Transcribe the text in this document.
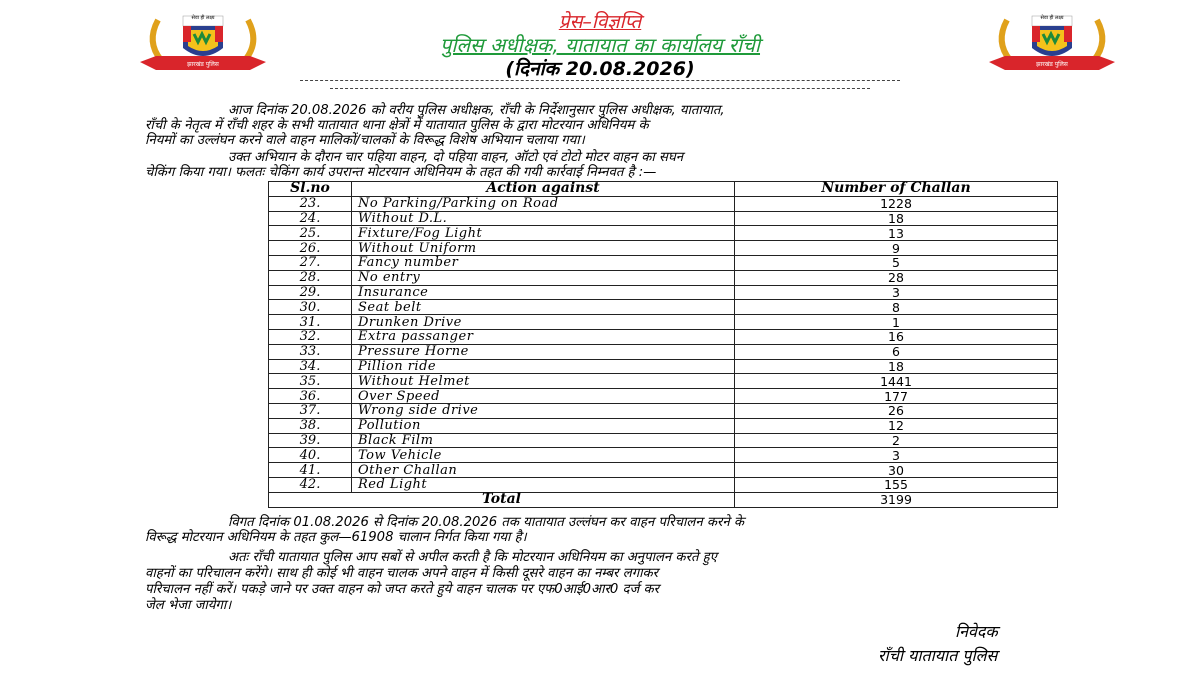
सेवा ही लक्ष्य
झारखंड पुलिस
सेवा ही लक्ष्य
झारखंड पुलिस
प्रेस–विज्ञप्ति
पुलिस अधीक्षक, यातायात का कार्यालय राँची
(दिनांक 20.08.2026)
आज दिनांक 20.08.2026 को वरीय पुलिस अधीक्षक, राँची के निर्देशानुसार पुलिस अधीक्षक, यातायात,
राँची के नेतृत्व में राँची शहर के सभी यातायात थाना क्षेत्रों में यातायात पुलिस के द्वारा मोटरयान अधिनियम के
नियमों का उल्लंघन करने वाले वाहन मालिकों/चालकों के विरूद्ध विशेष अभियान चलाया गया।
उक्त अभियान के दौरान चार पहिया वाहन, दो पहिया वाहन, ऑटो एवं टोटो मोटर वाहन का सघन
चेकिंग किया गया। फलतः चेकिंग कार्य उपरान्त मोटरयान अधिनियम के तहत की गयी कार्रवाई निम्नवत है :—
Sl.no	Action against	Number of Challan
23.	No Parking/Parking on Road	1228
24.	Without D.L.	18
25.	Fixture/Fog Light	13
26.	Without Uniform	9
27.	Fancy number	5
28.	No entry	28
29.	Insurance	3
30.	Seat belt	8
31.	Drunken Drive	1
32.	Extra passanger	16
33.	Pressure Horne	6
34.	Pillion ride	18
35.	Without Helmet	1441
36.	Over Speed	177
37.	Wrong side drive	26
38.	Pollution	12
39.	Black Film	2
40.	Tow Vehicle	3
41.	Other Challan	30
42.	Red Light	155
Total		3199
विगत दिनांक 01.08.2026 से दिनांक 20.08.2026 तक यातायात उल्लंघन कर वाहन परिचालन करने के
विरूद्ध मोटरयान अधिनियम के तहत कुल—61908 चालान निर्गत किया गया है।
अतः राँची यातायात पुलिस आप सबों से अपील करती है कि मोटरयान अधिनियम का अनुपालन करते हुए
वाहनों का परिचालन करेंगे। साथ ही कोई भी वाहन चालक अपने वाहन में किसी दूसरे वाहन का नम्बर लगाकर
परिचालन नहीं करें। पकड़े जाने पर उक्त वाहन को जप्त करते हुये वाहन चालक पर एफ0आई0आर0 दर्ज कर
जेल भेजा जायेगा।
निवेदक
राँची यातायात पुलिस
